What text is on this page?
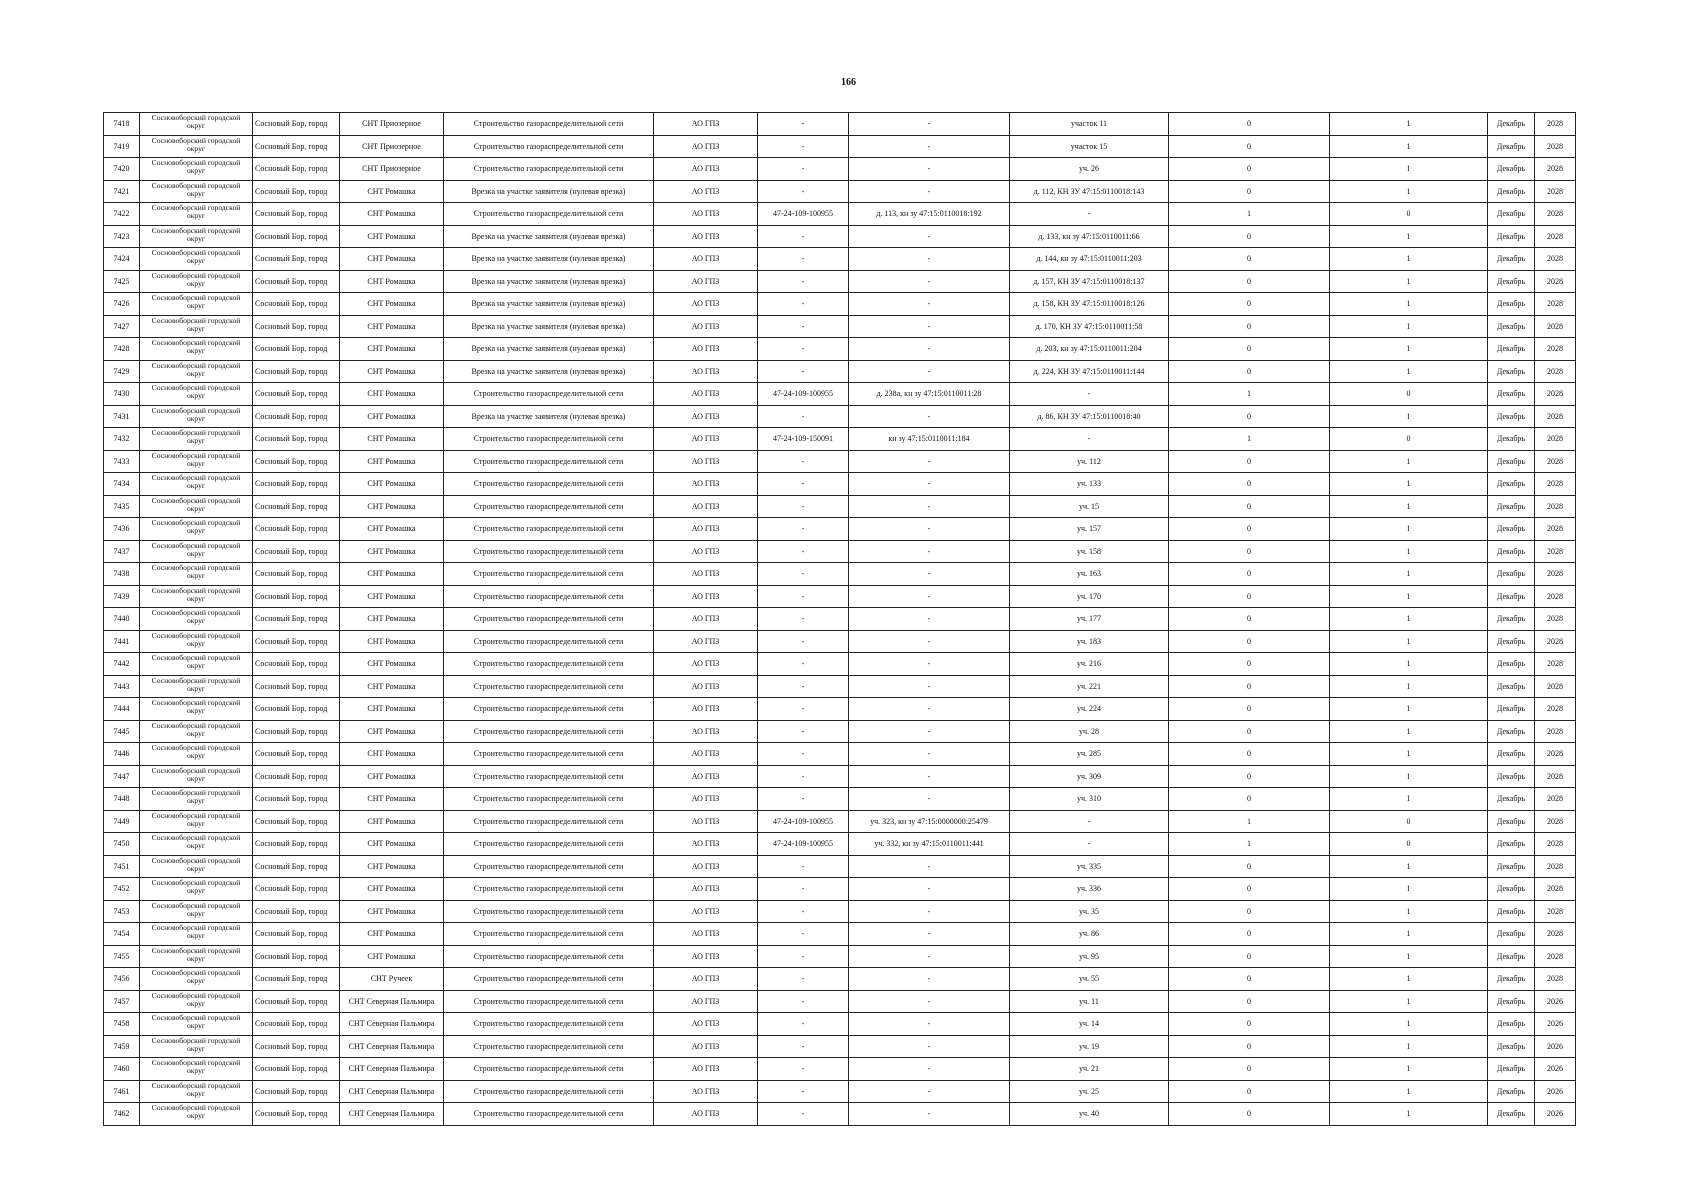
166
7418	Сосновоборский городской округ	Сосновый Бор, город	СНТ Приозерное	Строительство газораспределительной сети	АО ГПЗ	-	-	участок 11	0	1	Декабрь	2028
7419	Сосновоборский городской округ	Сосновый Бор, город	СНТ Приозерное	Строительство газораспределительной сети	АО ГПЗ	-	-	участок 15	0	1	Декабрь	2028
7420	Сосновоборский городской округ	Сосновый Бор, город	СНТ Приозерное	Строительство газораспределительной сети	АО ГПЗ	-	-	уч. 26	0	1	Декабрь	2028
7421	Сосновоборский городской округ	Сосновый Бор, город	СНТ Ромашка	Врезка на участке заявителя (нулевая врезка)	АО ГПЗ	-	-	д. 112, КН ЗУ 47:15:0110018:143	0	1	Декабрь	2028
7422	Сосновоборский городской округ	Сосновый Бор, город	СНТ Ромашка	Строительство газораспределительной сети	АО ГПЗ	47-24-109-100955	д. 113, кн зу 47:15:0110018:192	-	1	0	Декабрь	2028
7423	Сосновоборский городской округ	Сосновый Бор, город	СНТ Ромашка	Врезка на участке заявителя (нулевая врезка)	АО ГПЗ	-	-	д. 133, кн зу 47:15:0110011:66	0	1	Декабрь	2028
7424	Сосновоборский городской округ	Сосновый Бор, город	СНТ Ромашка	Врезка на участке заявителя (нулевая врезка)	АО ГПЗ	-	-	д. 144, кн зу 47:15:0110011:203	0	1	Декабрь	2028
7425	Сосновоборский городской округ	Сосновый Бор, город	СНТ Ромашка	Врезка на участке заявителя (нулевая врезка)	АО ГПЗ	-	-	д. 157, КН ЗУ 47:15:0110018:137	0	1	Декабрь	2028
7426	Сосновоборский городской округ	Сосновый Бор, город	СНТ Ромашка	Врезка на участке заявителя (нулевая врезка)	АО ГПЗ	-	-	д. 158, КН ЗУ 47:15:0110018:126	0	1	Декабрь	2028
7427	Сосновоборский городской округ	Сосновый Бор, город	СНТ Ромашка	Врезка на участке заявителя (нулевая врезка)	АО ГПЗ	-	-	д. 170, КН ЗУ 47:15:0110011:58	0	1	Декабрь	2028
7428	Сосновоборский городской округ	Сосновый Бор, город	СНТ Ромашка	Врезка на участке заявителя (нулевая врезка)	АО ГПЗ	-	-	д. 203, кн зу 47:15:0110011:204	0	1	Декабрь	2028
7429	Сосновоборский городской округ	Сосновый Бор, город	СНТ Ромашка	Врезка на участке заявителя (нулевая врезка)	АО ГПЗ	-	-	д. 224, КН ЗУ 47:15:0110011:144	0	1	Декабрь	2028
7430	Сосновоборский городской округ	Сосновый Бор, город	СНТ Ромашка	Строительство газораспределительной сети	АО ГПЗ	47-24-109-100955	д. 238а, кн зу 47:15:0110011:28	-	1	0	Декабрь	2028
7431	Сосновоборский городской округ	Сосновый Бор, город	СНТ Ромашка	Врезка на участке заявителя (нулевая врезка)	АО ГПЗ	-	-	д. 86, КН ЗУ 47:15:0110018:40	0	1	Декабрь	2028
7432	Сосновоборский городской округ	Сосновый Бор, город	СНТ Ромашка	Строительство газораспределительной сети	АО ГПЗ	47-24-109-150091	кн зу 47:15:0110011:184	-	1	0	Декабрь	2028
7433	Сосновоборский городской округ	Сосновый Бор, город	СНТ Ромашка	Строительство газораспределительной сети	АО ГПЗ	-	-	уч. 112	0	1	Декабрь	2028
7434	Сосновоборский городской округ	Сосновый Бор, город	СНТ Ромашка	Строительство газораспределительной сети	АО ГПЗ	-	-	уч. 133	0	1	Декабрь	2028
7435	Сосновоборский городской округ	Сосновый Бор, город	СНТ Ромашка	Строительство газораспределительной сети	АО ГПЗ	-	-	уч. 15	0	1	Декабрь	2028
7436	Сосновоборский городской округ	Сосновый Бор, город	СНТ Ромашка	Строительство газораспределительной сети	АО ГПЗ	-	-	уч. 157	0	1	Декабрь	2028
7437	Сосновоборский городской округ	Сосновый Бор, город	СНТ Ромашка	Строительство газораспределительной сети	АО ГПЗ	-	-	уч. 158	0	1	Декабрь	2028
7438	Сосновоборский городской округ	Сосновый Бор, город	СНТ Ромашка	Строительство газораспределительной сети	АО ГПЗ	-	-	уч. 163	0	1	Декабрь	2028
7439	Сосновоборский городской округ	Сосновый Бор, город	СНТ Ромашка	Строительство газораспределительной сети	АО ГПЗ	-	-	уч. 170	0	1	Декабрь	2028
7440	Сосновоборский городской округ	Сосновый Бор, город	СНТ Ромашка	Строительство газораспределительной сети	АО ГПЗ	-	-	уч. 177	0	1	Декабрь	2028
7441	Сосновоборский городской округ	Сосновый Бор, город	СНТ Ромашка	Строительство газораспределительной сети	АО ГПЗ	-	-	уч. 183	0	1	Декабрь	2028
7442	Сосновоборский городской округ	Сосновый Бор, город	СНТ Ромашка	Строительство газораспределительной сети	АО ГПЗ	-	-	уч. 216	0	1	Декабрь	2028
7443	Сосновоборский городской округ	Сосновый Бор, город	СНТ Ромашка	Строительство газораспределительной сети	АО ГПЗ	-	-	уч. 221	0	1	Декабрь	2028
7444	Сосновоборский городской округ	Сосновый Бор, город	СНТ Ромашка	Строительство газораспределительной сети	АО ГПЗ	-	-	уч. 224	0	1	Декабрь	2028
7445	Сосновоборский городской округ	Сосновый Бор, город	СНТ Ромашка	Строительство газораспределительной сети	АО ГПЗ	-	-	уч. 28	0	1	Декабрь	2028
7446	Сосновоборский городской округ	Сосновый Бор, город	СНТ Ромашка	Строительство газораспределительной сети	АО ГПЗ	-	-	уч. 285	0	1	Декабрь	2028
7447	Сосновоборский городской округ	Сосновый Бор, город	СНТ Ромашка	Строительство газораспределительной сети	АО ГПЗ	-	-	уч. 309	0	1	Декабрь	2028
7448	Сосновоборский городской округ	Сосновый Бор, город	СНТ Ромашка	Строительство газораспределительной сети	АО ГПЗ	-	-	уч. 310	0	1	Декабрь	2028
7449	Сосновоборский городской округ	Сосновый Бор, город	СНТ Ромашка	Строительство газораспределительной сети	АО ГПЗ	47-24-109-100955	уч. 323, кн зу 47:15:0000000:25479	-	1	0	Декабрь	2028
7450	Сосновоборский городской округ	Сосновый Бор, город	СНТ Ромашка	Строительство газораспределительной сети	АО ГПЗ	47-24-109-100955	уч. 332, кн зу 47:15:0110011:441	-	1	0	Декабрь	2028
7451	Сосновоборский городской округ	Сосновый Бор, город	СНТ Ромашка	Строительство газораспределительной сети	АО ГПЗ	-	-	уч. 335	0	1	Декабрь	2028
7452	Сосновоборский городской округ	Сосновый Бор, город	СНТ Ромашка	Строительство газораспределительной сети	АО ГПЗ	-	-	уч. 336	0	1	Декабрь	2028
7453	Сосновоборский городской округ	Сосновый Бор, город	СНТ Ромашка	Строительство газораспределительной сети	АО ГПЗ	-	-	уч. 35	0	1	Декабрь	2028
7454	Сосновоборский городской округ	Сосновый Бор, город	СНТ Ромашка	Строительство газораспределительной сети	АО ГПЗ	-	-	уч. 86	0	1	Декабрь	2028
7455	Сосновоборский городской округ	Сосновый Бор, город	СНТ Ромашка	Строительство газораспределительной сети	АО ГПЗ	-	-	уч. 95	0	1	Декабрь	2028
7456	Сосновоборский городской округ	Сосновый Бор, город	СНТ Ручеек	Строительство газораспределительной сети	АО ГПЗ	-	-	уч. 55	0	1	Декабрь	2028
7457	Сосновоборский городской округ	Сосновый Бор, город	СНТ Северная Пальмира	Строительство газораспределительной сети	АО ГПЗ	-	-	уч. 11	0	1	Декабрь	2026
7458	Сосновоборский городской округ	Сосновый Бор, город	СНТ Северная Пальмира	Строительство газораспределительной сети	АО ГПЗ	-	-	уч. 14	0	1	Декабрь	2026
7459	Сосновоборский городской округ	Сосновый Бор, город	СНТ Северная Пальмира	Строительство газораспределительной сети	АО ГПЗ	-	-	уч. 19	0	1	Декабрь	2026
7460	Сосновоборский городской округ	Сосновый Бор, город	СНТ Северная Пальмира	Строительство газораспределительной сети	АО ГПЗ	-	-	уч. 21	0	1	Декабрь	2026
7461	Сосновоборский городской округ	Сосновый Бор, город	СНТ Северная Пальмира	Строительство газораспределительной сети	АО ГПЗ	-	-	уч. 25	0	1	Декабрь	2026
7462	Сосновоборский городской округ	Сосновый Бор, город	СНТ Северная Пальмира	Строительство газораспределительной сети	АО ГПЗ	-	-	уч. 40	0	1	Декабрь	2026
